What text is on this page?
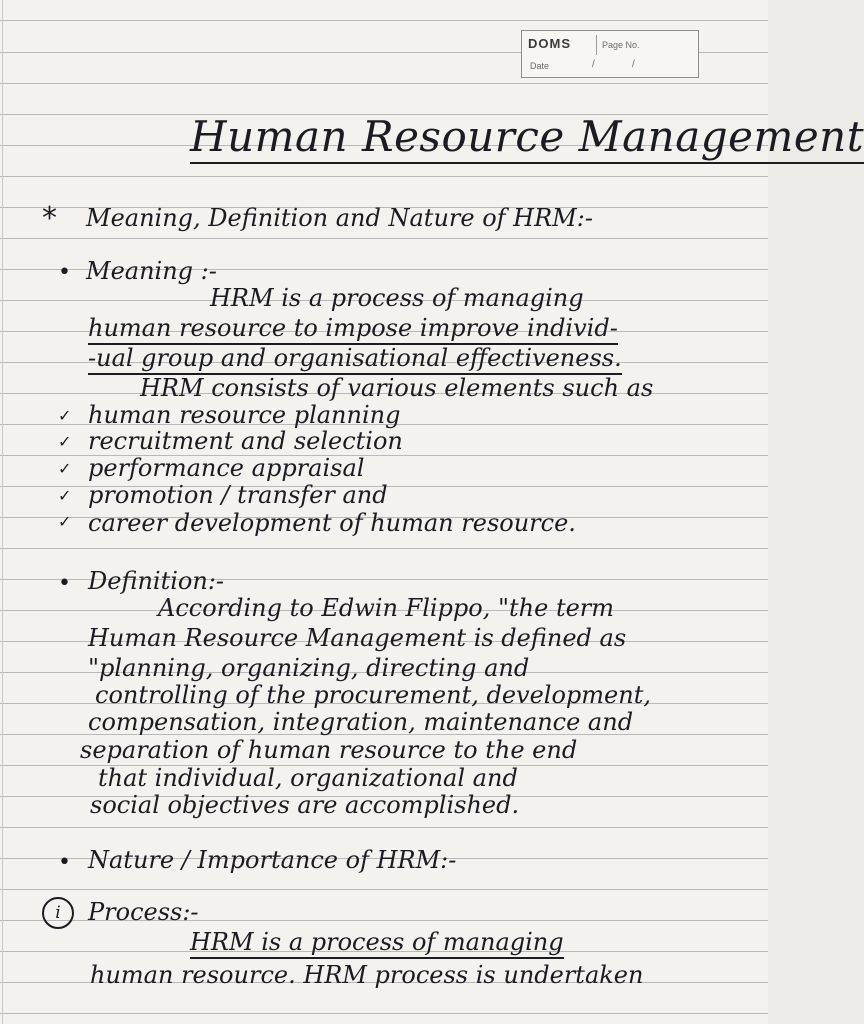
DOMS	Page No.
Date	/	/
Human Resource Management
* Meaning, Definition and Nature of HRM:-
• Meaning :-
HRM is a process of managing
human resource to impose improve individ-
-ual group and organisational effectiveness.
HRM consists of various elements such as
✓ human resource planning
✓ recruitment and selection
✓ performance appraisal
✓ promotion / transfer and
✓ career development of human resource.
• Definition:-
According to Edwin Flippo, "the term
Human Resource Management is defined as
"planning, organizing, directing and
controlling of the procurement, development,
compensation, integration, maintenance and
separation of human resource to the end
that individual, organizational and
social objectives are accomplished.
• Nature / Importance of HRM:-
i	Process:-
HRM is a process of managing
human resource. HRM process is undertaken
